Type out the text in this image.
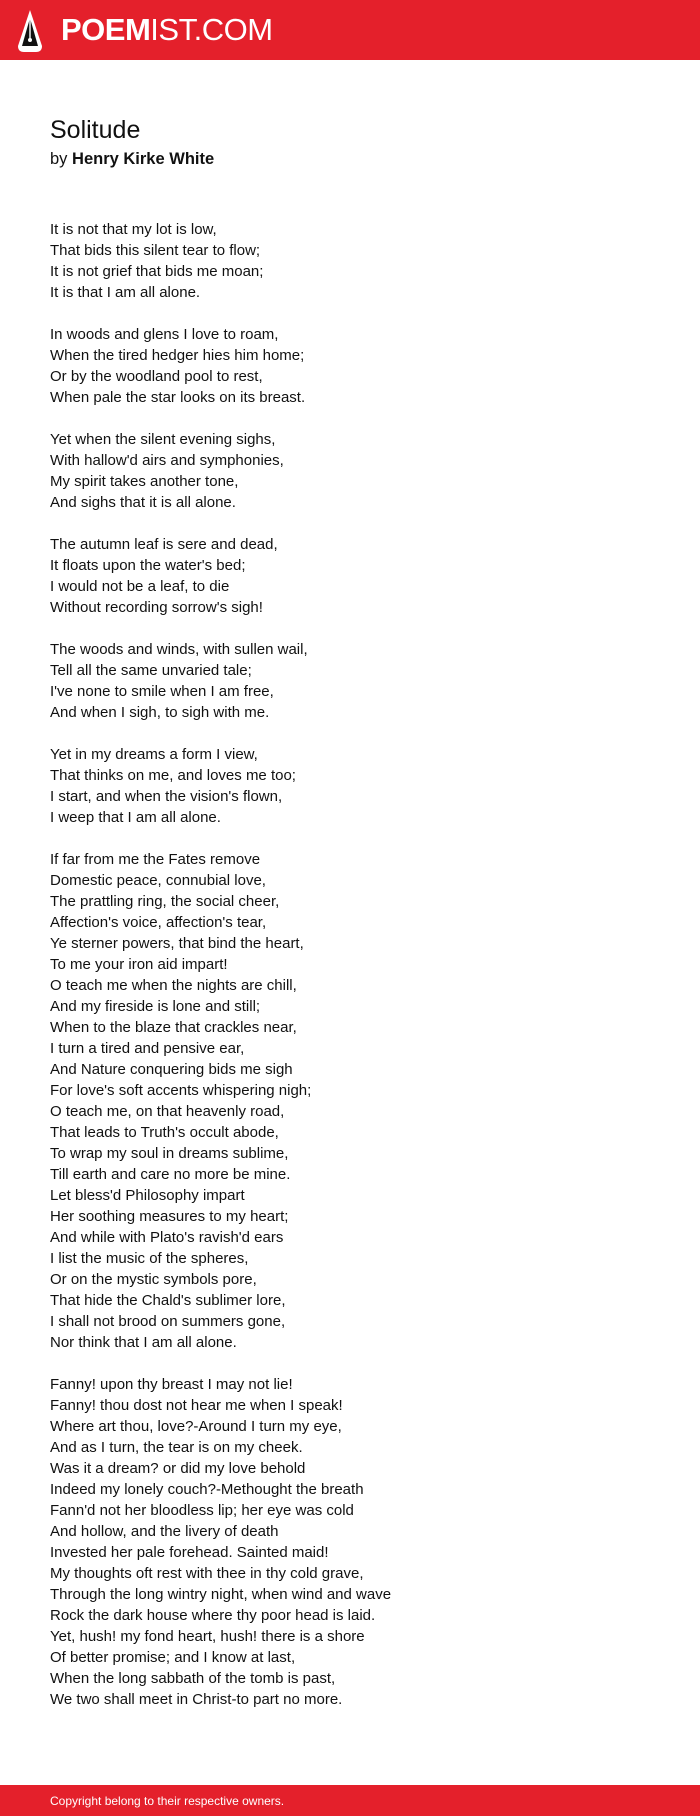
POEMIST.COM
Solitude
by Henry Kirke White
It is not that my lot is low,
That bids this silent tear to flow;
It is not grief that bids me moan;
It is that I am all alone.
In woods and glens I love to roam,
When the tired hedger hies him home;
Or by the woodland pool to rest,
When pale the star looks on its breast.
Yet when the silent evening sighs,
With hallow'd airs and symphonies,
My spirit takes another tone,
And sighs that it is all alone.
The autumn leaf is sere and dead,
It floats upon the water's bed;
I would not be a leaf, to die
Without recording sorrow's sigh!
The woods and winds, with sullen wail,
Tell all the same unvaried tale;
I've none to smile when I am free,
And when I sigh, to sigh with me.
Yet in my dreams a form I view,
That thinks on me, and loves me too;
I start, and when the vision's flown,
I weep that I am all alone.
If far from me the Fates remove
Domestic peace, connubial love,
The prattling ring, the social cheer,
Affection's voice, affection's tear,
Ye sterner powers, that bind the heart,
To me your iron aid impart!
O teach me when the nights are chill,
And my fireside is lone and still;
When to the blaze that crackles near,
I turn a tired and pensive ear,
And Nature conquering bids me sigh
For love's soft accents whispering nigh;
O teach me, on that heavenly road,
That leads to Truth's occult abode,
To wrap my soul in dreams sublime,
Till earth and care no more be mine.
Let bless'd Philosophy impart
Her soothing measures to my heart;
And while with Plato's ravish'd ears
I list the music of the spheres,
Or on the mystic symbols pore,
That hide the Chald's sublimer lore,
I shall not brood on summers gone,
Nor think that I am all alone.
Fanny! upon thy breast I may not lie!
Fanny! thou dost not hear me when I speak!
Where art thou, love?-Around I turn my eye,
And as I turn, the tear is on my cheek.
Was it a dream? or did my love behold
Indeed my lonely couch?-Methought the breath
Fann'd not her bloodless lip; her eye was cold
And hollow, and the livery of death
Invested her pale forehead. Sainted maid!
My thoughts oft rest with thee in thy cold grave,
Through the long wintry night, when wind and wave
Rock the dark house where thy poor head is laid.
Yet, hush! my fond heart, hush! there is a shore
Of better promise; and I know at last,
When the long sabbath of the tomb is past,
We two shall meet in Christ-to part no more.
Copyright belong to their respective owners.
